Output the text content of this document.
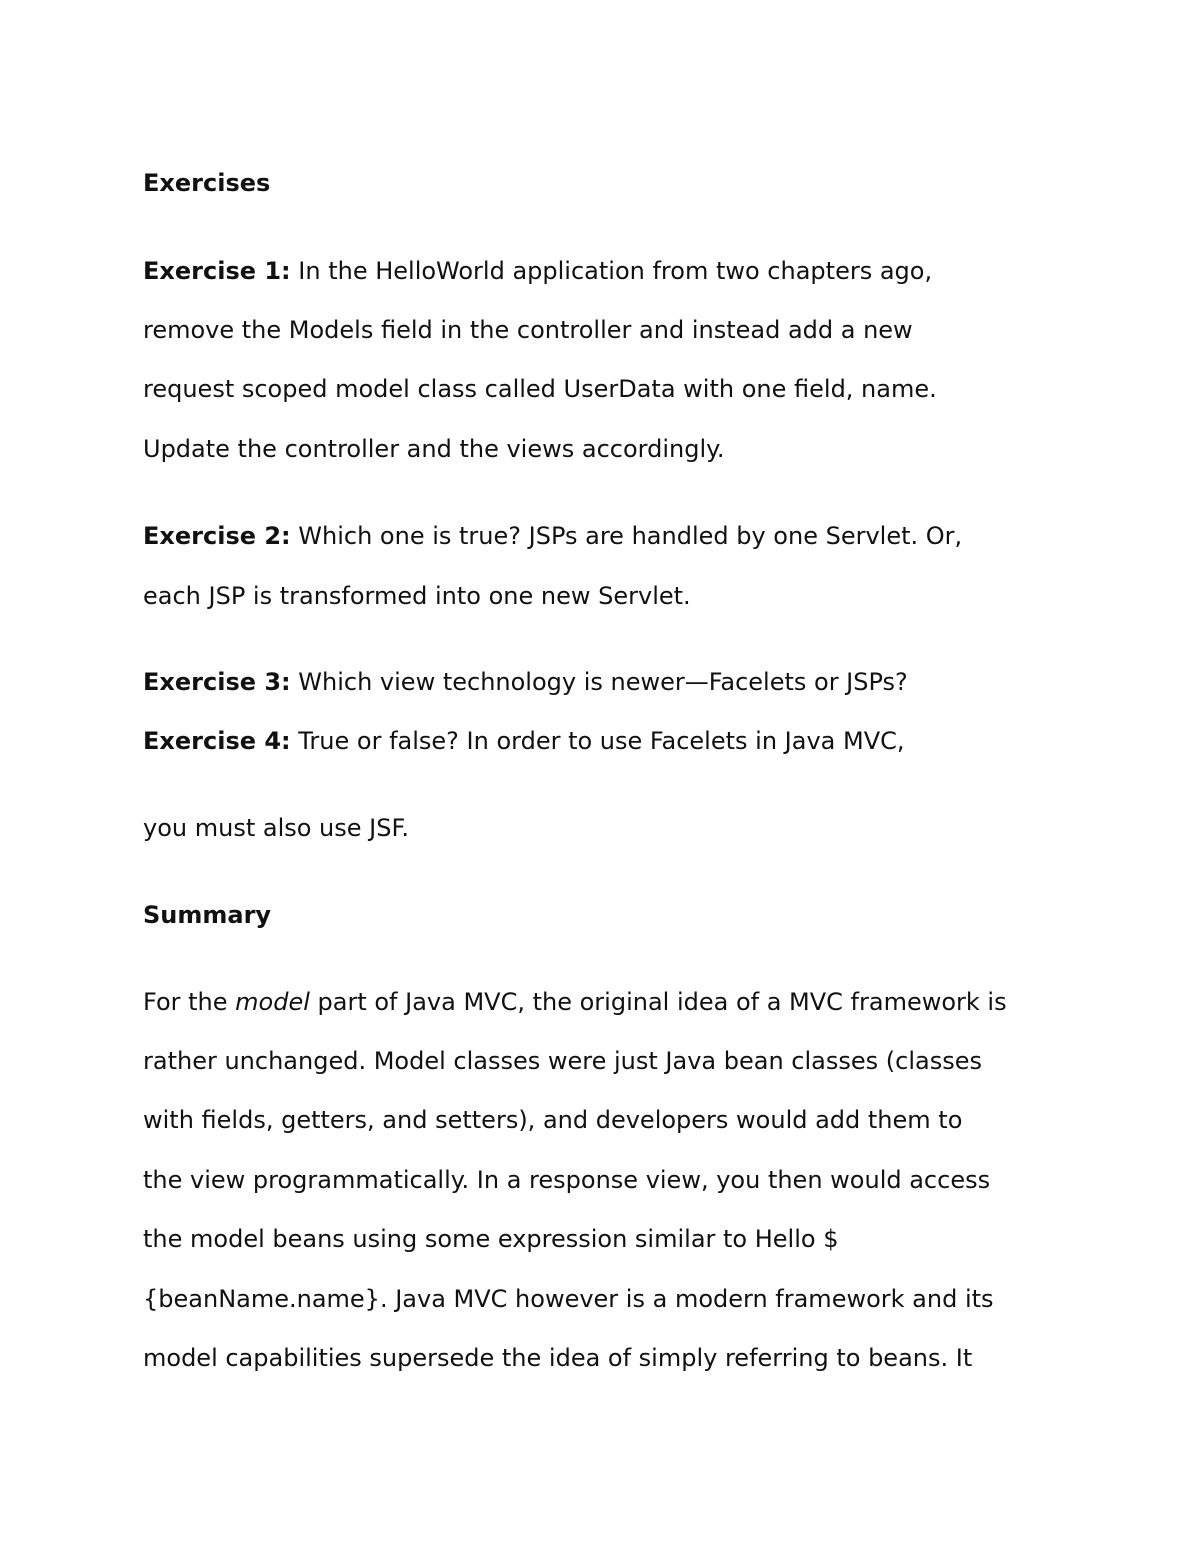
Exercises
Exercise 1: In the HelloWorld application from two chapters ago,
remove the Models field in the controller and instead add a new
request scoped model class called UserData with one field, name.
Update the controller and the views accordingly.
Exercise 2: Which one is true? JSPs are handled by one Servlet. Or,
each JSP is transformed into one new Servlet.
Exercise 3: Which view technology is newer—Facelets or JSPs?
Exercise 4: True or false? In order to use Facelets in Java MVC,
you must also use JSF.
Summary
For the model part of Java MVC, the original idea of a MVC framework is
rather unchanged. Model classes were just Java bean classes (classes
with fields, getters, and setters), and developers would add them to
the view programmatically. In a response view, you then would access
the model beans using some expression similar to Hello $
{beanName.name}. Java MVC however is a modern framework and its
model capabilities supersede the idea of simply referring to beans. It
